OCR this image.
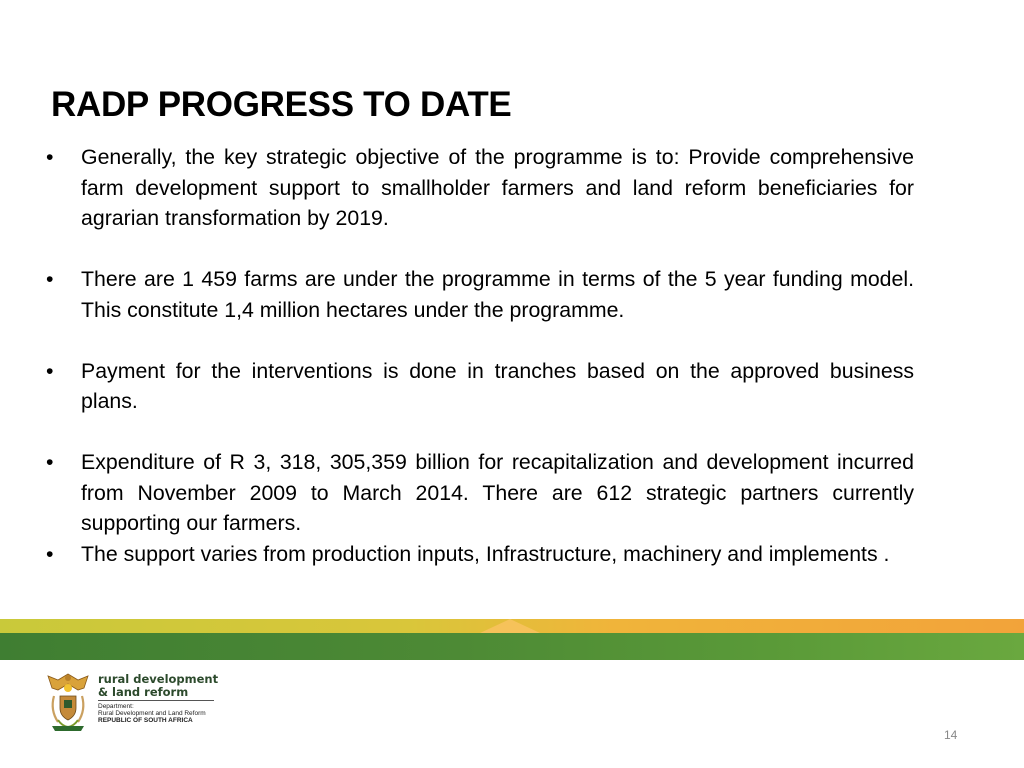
RADP PROGRESS TO DATE
• Generally, the key strategic objective of the programme is to: Provide comprehensive farm development support to smallholder farmers and land reform beneficiaries for agrarian transformation by 2019.
• There are 1 459 farms are under the programme in terms of the 5 year funding model. This constitute 1,4 million hectares under the programme.
• Payment for the interventions is done in tranches based on the approved business plans.
• Expenditure of R 3, 318, 305,359 billion for recapitalization and development incurred from November 2009 to March 2014. There are 612 strategic partners currently supporting our farmers.
• The support varies from production inputs, Infrastructure, machinery and implements .
rural development
& land reform
Department:
Rural Development and Land Reform
REPUBLIC OF SOUTH AFRICA
14
